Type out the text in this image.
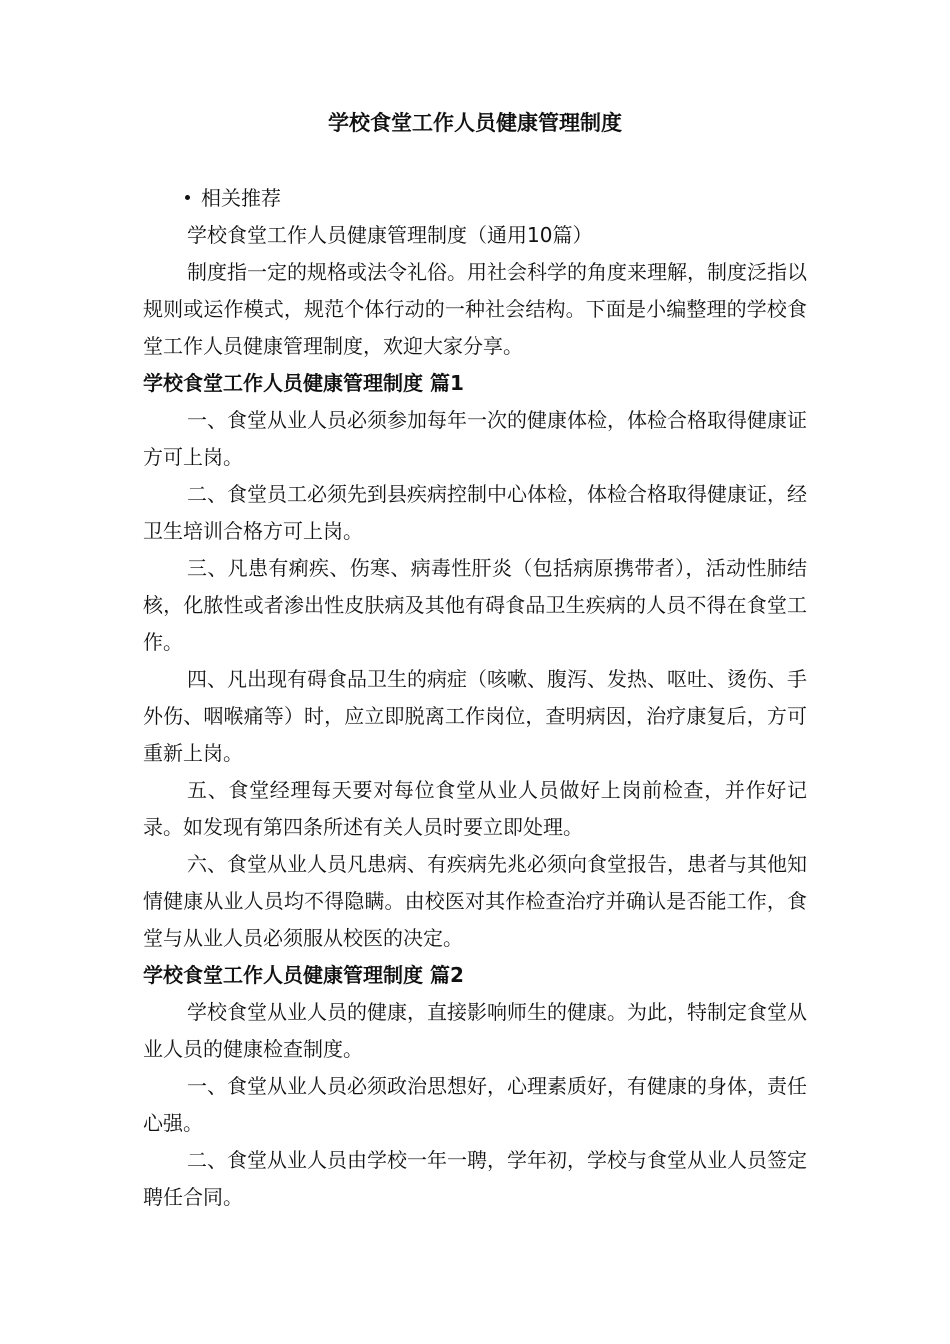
学校食堂工作人员健康管理制度
相关推荐
学校食堂工作人员健康管理制度（通用10篇）

制度指一定的规格或法令礼俗。用社会科学的角度来理解，制度泛指以规则或运作模式，规范个体行动的一种社会结构。下面是小编整理的学校食堂工作人员健康管理制度，欢迎大家分享。

学校食堂工作人员健康管理制度 篇1

一、食堂从业人员必须参加每年一次的健康体检，体检合格取得健康证方可上岗。

二、食堂员工必须先到县疾病控制中心体检，体检合格取得健康证，经卫生培训合格方可上岗。

三、凡患有痢疾、伤寒、病毒性肝炎（包括病原携带者），活动性肺结核，化脓性或者渗出性皮肤病及其他有碍食品卫生疾病的人员不得在食堂工作。

四、凡出现有碍食品卫生的病症（咳嗽、腹泻、发热、呕吐、烫伤、手外伤、咽喉痛等）时，应立即脱离工作岗位，查明病因，治疗康复后，方可重新上岗。

五、食堂经理每天要对每位食堂从业人员做好上岗前检查，并作好记录。如发现有第四条所述有关人员时要立即处理。

六、食堂从业人员凡患病、有疾病先兆必须向食堂报告，患者与其他知情健康从业人员均不得隐瞒。由校医对其作检查治疗并确认是否能工作，食堂与从业人员必须服从校医的决定。

学校食堂工作人员健康管理制度 篇2

学校食堂从业人员的健康，直接影响师生的健康。为此，特制定食堂从业人员的健康检查制度。

一、食堂从业人员必须政治思想好，心理素质好，有健康的身体，责任心强。

二、食堂从业人员由学校一年一聘，学年初，学校与食堂从业人员签定聘任合同。
